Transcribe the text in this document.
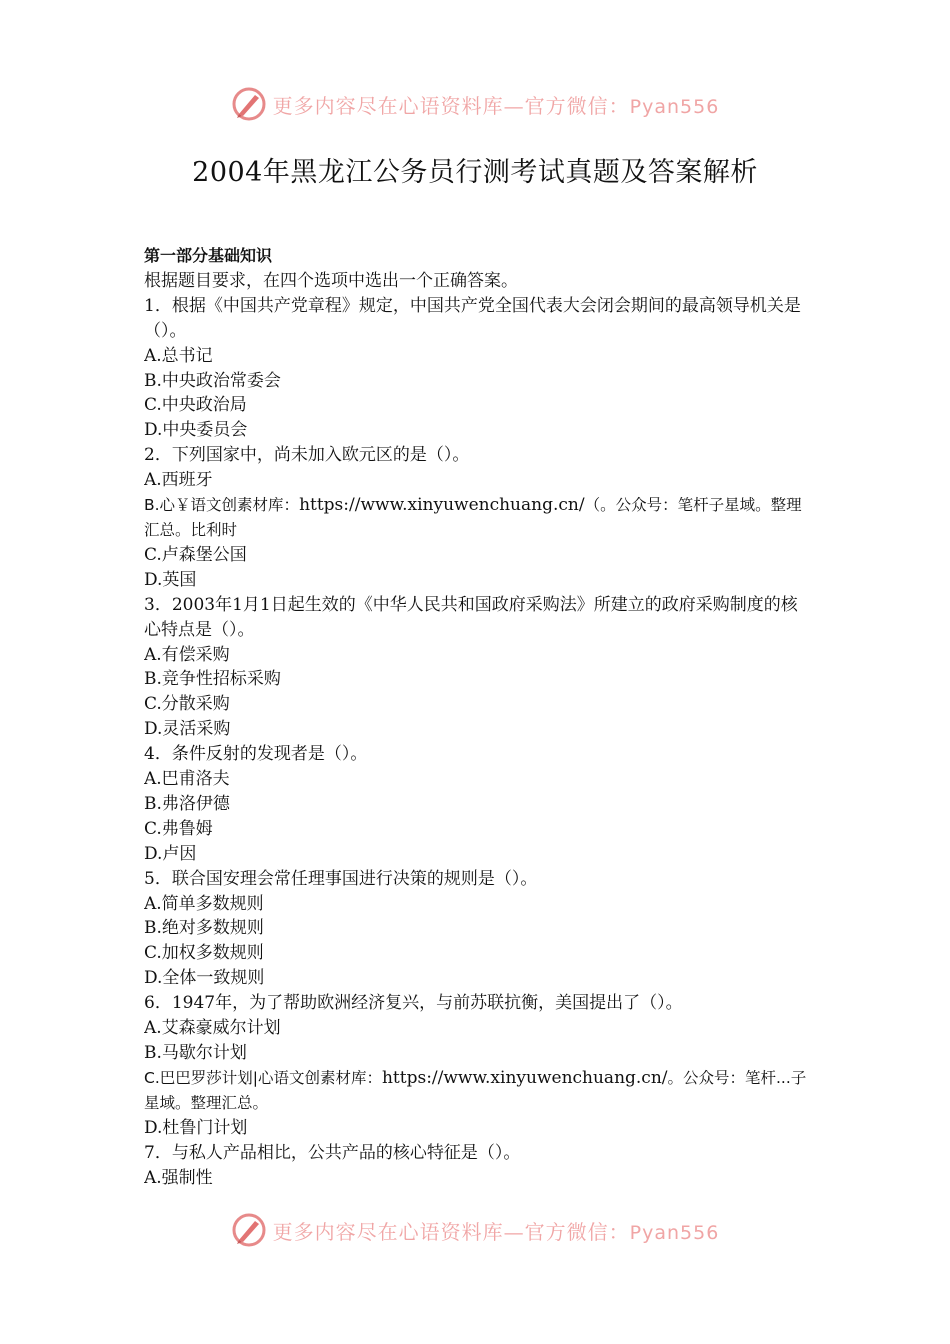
更多内容尽在心语资料库—官方微信：Pyan556
2004年黑龙江公务员行测考试真题及答案解析
第一部分基础知识
根据题目要求，在四个选项中选出一个正确答案。
1．根据《中国共产党章程》规定，中国共产党全国代表大会闭会期间的最高领导机关是（）。
A.总书记
B.中央政治常委会
C.中央政治局
D.中央委员会
2．下列国家中，尚未加入欧元区的是（）。
A.西班牙
B.心￥语文创素材库：https://www.xinyuwenchuang.cn/（。公众号：笔杆子星域。整理汇总。比利时
C.卢森堡公国
D.英国
3．2003年1月1日起生效的《中华人民共和国政府采购法》所建立的政府采购制度的核心特点是（）。
A.有偿采购
B.竞争性招标采购
C.分散采购
D.灵活采购
4．条件反射的发现者是（）。
A.巴甫洛夫
B.弗洛伊德
C.弗鲁姆
D.卢因
5．联合国安理会常任理事国进行决策的规则是（）。
A.简单多数规则
B.绝对多数规则
C.加权多数规则
D.全体一致规则
6．1947年，为了帮助欧洲经济复兴，与前苏联抗衡，美国提出了（）。
A.艾森豪威尔计划
B.马歇尔计划
C.巴巴罗莎计划|心语文创素材库：https://www.xinyuwenchuang.cn/。公众号：笔杆...子星域。整理汇总。
D.杜鲁门计划
7．与私人产品相比，公共产品的核心特征是（）。
A.强制性
更多内容尽在心语资料库—官方微信：Pyan556
